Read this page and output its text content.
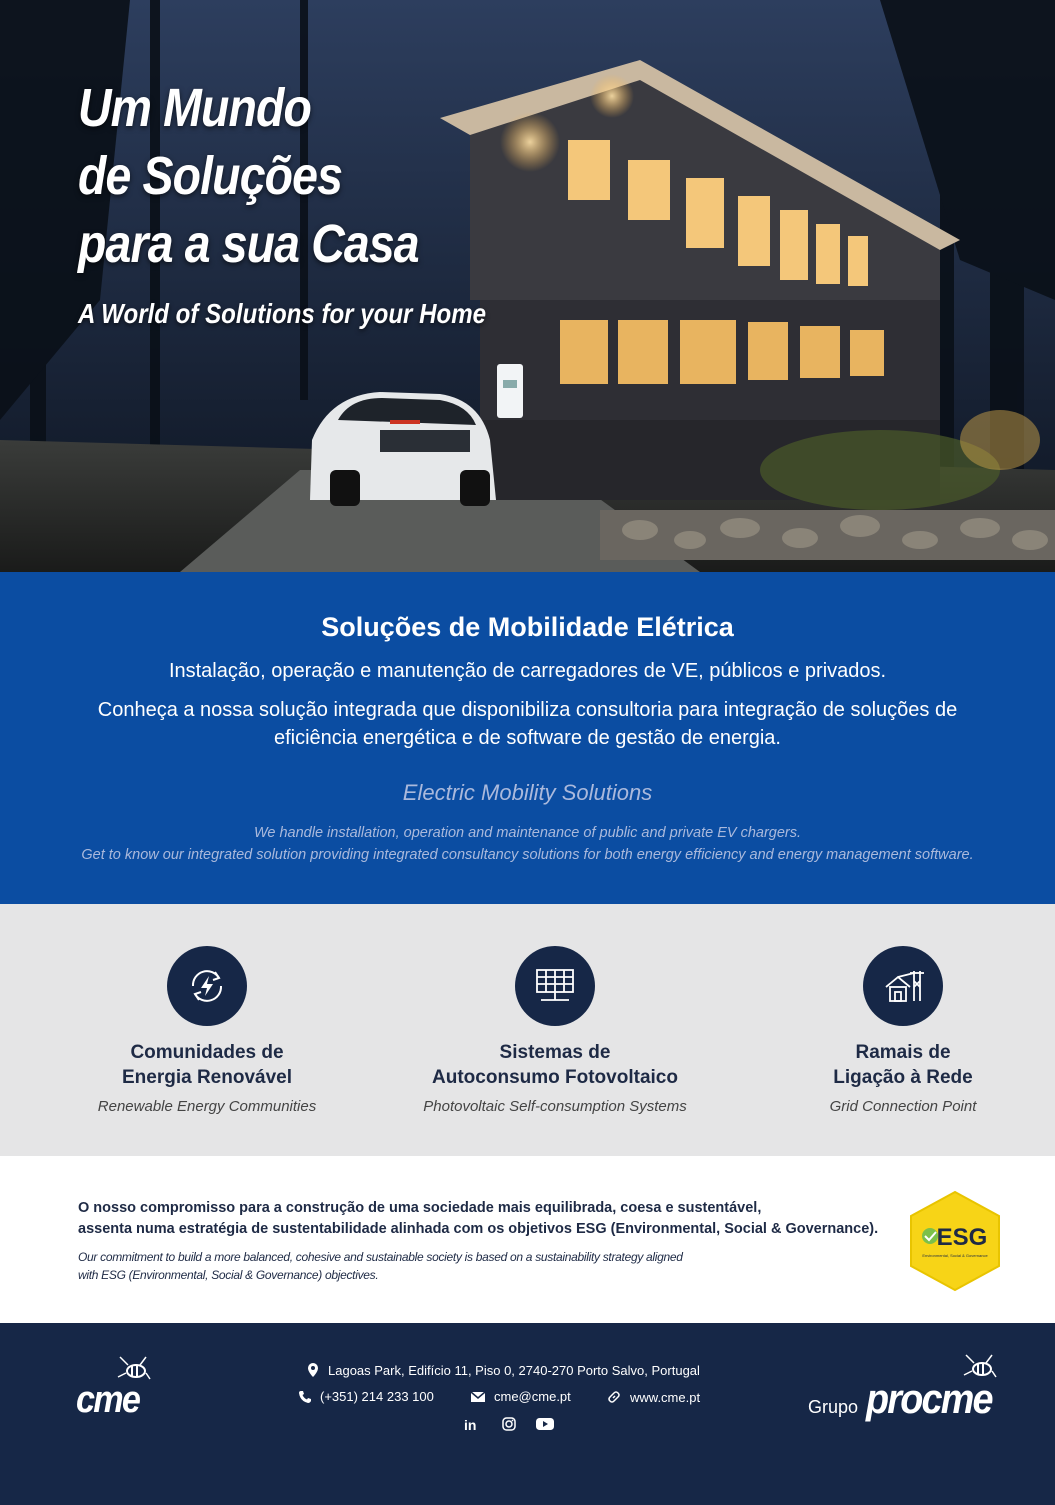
Um Mundo
de Soluções
para a sua Casa
A World of Solutions for your Home
Soluções de Mobilidade Elétrica

Instalação, operação e manutenção de carregadores de VE, públicos e privados.

Conheça a nossa solução integrada que disponibiliza consultoria para integração de soluções de eficiência energética e de software de gestão de energia.

Electric Mobility Solutions

We handle installation, operation and maintenance of public and private EV chargers.
Get to know our integrated solution providing integrated consultancy solutions for both energy efficiency and energy management software.

Comunidades de
Energia Renovável
Renewable Energy Communities
Sistemas de
Autoconsumo Fotovoltaico
Photovoltaic Self-consumption Systems
Ramais de
Ligação à Rede
Grid Connection Point

O nosso compromisso para a construção de uma sociedade mais equilibrada, coesa e sustentável,
assenta numa estratégia de sustentabilidade alinhada com os objetivos ESG (Environmental, Social & Governance).

Our commitment to build a more balanced, cohesive and sustainable society is based on a sustainability strategy aligned
with ESG (Environmental, Social & Governance) objectives.

ESG
Environmental, Social & Governance
cme
Lagoas Park, Edifício 11, Piso 0, 2740-270 Porto Salvo, Portugal
(+351) 214 233 100	cme@cme.pt	www.cme.pt
in
Grupo procme
